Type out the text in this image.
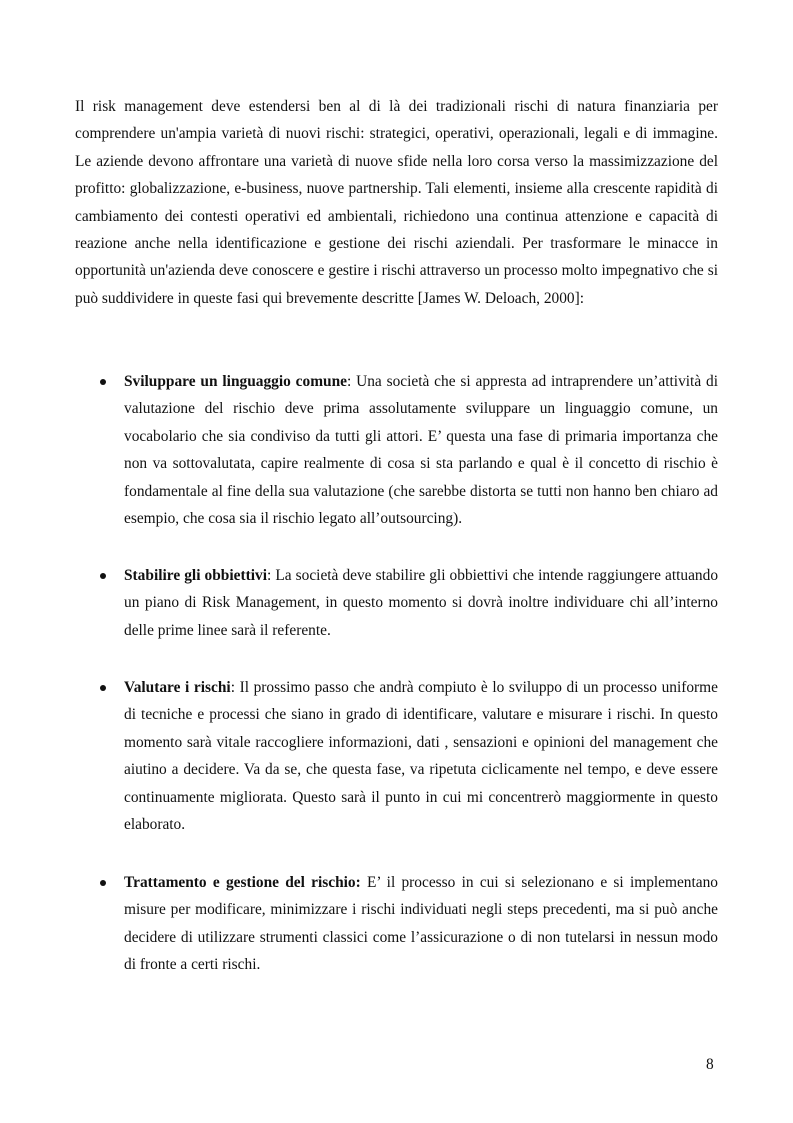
Il risk management deve estendersi ben al di là dei tradizionali rischi di natura finanziaria per comprendere un'ampia varietà di nuovi rischi: strategici, operativi, operazionali, legali e di immagine. Le aziende devono affrontare una varietà di nuove sfide nella loro corsa verso la massimizzazione del profitto: globalizzazione, e-business, nuove partnership. Tali elementi, insieme alla crescente rapidità di cambiamento dei contesti operativi ed ambientali, richiedono una continua attenzione e capacità di reazione anche nella identificazione e gestione dei rischi aziendali. Per trasformare le minacce in opportunità un'azienda deve conoscere e gestire i rischi attraverso un processo molto impegnativo che si può suddividere in queste fasi qui brevemente descritte [James W. Deloach, 2000]:

Sviluppare un linguaggio comune: Una società che si appresta ad intraprendere un’attività di valutazione del rischio deve prima assolutamente sviluppare un linguaggio comune, un vocabolario che sia condiviso da tutti gli attori. E’ questa una fase di primaria importanza che non va sottovalutata, capire realmente di cosa si sta parlando e qual è il concetto di rischio è fondamentale al fine della sua valutazione (che sarebbe distorta se tutti non hanno ben chiaro ad esempio, che cosa sia il rischio legato all’outsourcing).

Stabilire gli obbiettivi: La società deve stabilire gli obbiettivi che intende raggiungere attuando un piano di Risk Management, in questo momento si dovrà inoltre individuare chi all’interno delle prime linee sarà il referente.

Valutare i rischi: Il prossimo passo che andrà compiuto è lo sviluppo di un processo uniforme di tecniche e processi che siano in grado di identificare, valutare e misurare i rischi. In questo momento sarà vitale raccogliere informazioni, dati , sensazioni e opinioni del management che aiutino a decidere. Va da se, che questa fase, va ripetuta ciclicamente nel tempo, e deve essere continuamente migliorata. Questo sarà il punto in cui mi concentrerò maggiormente in questo elaborato.

Trattamento e gestione del rischio: E’ il processo in cui si selezionano e si implementano misure per modificare, minimizzare i rischi individuati negli steps precedenti, ma si può anche decidere di utilizzare strumenti classici come l’assicurazione o di non tutelarsi in nessun modo di fronte a certi rischi.

8
